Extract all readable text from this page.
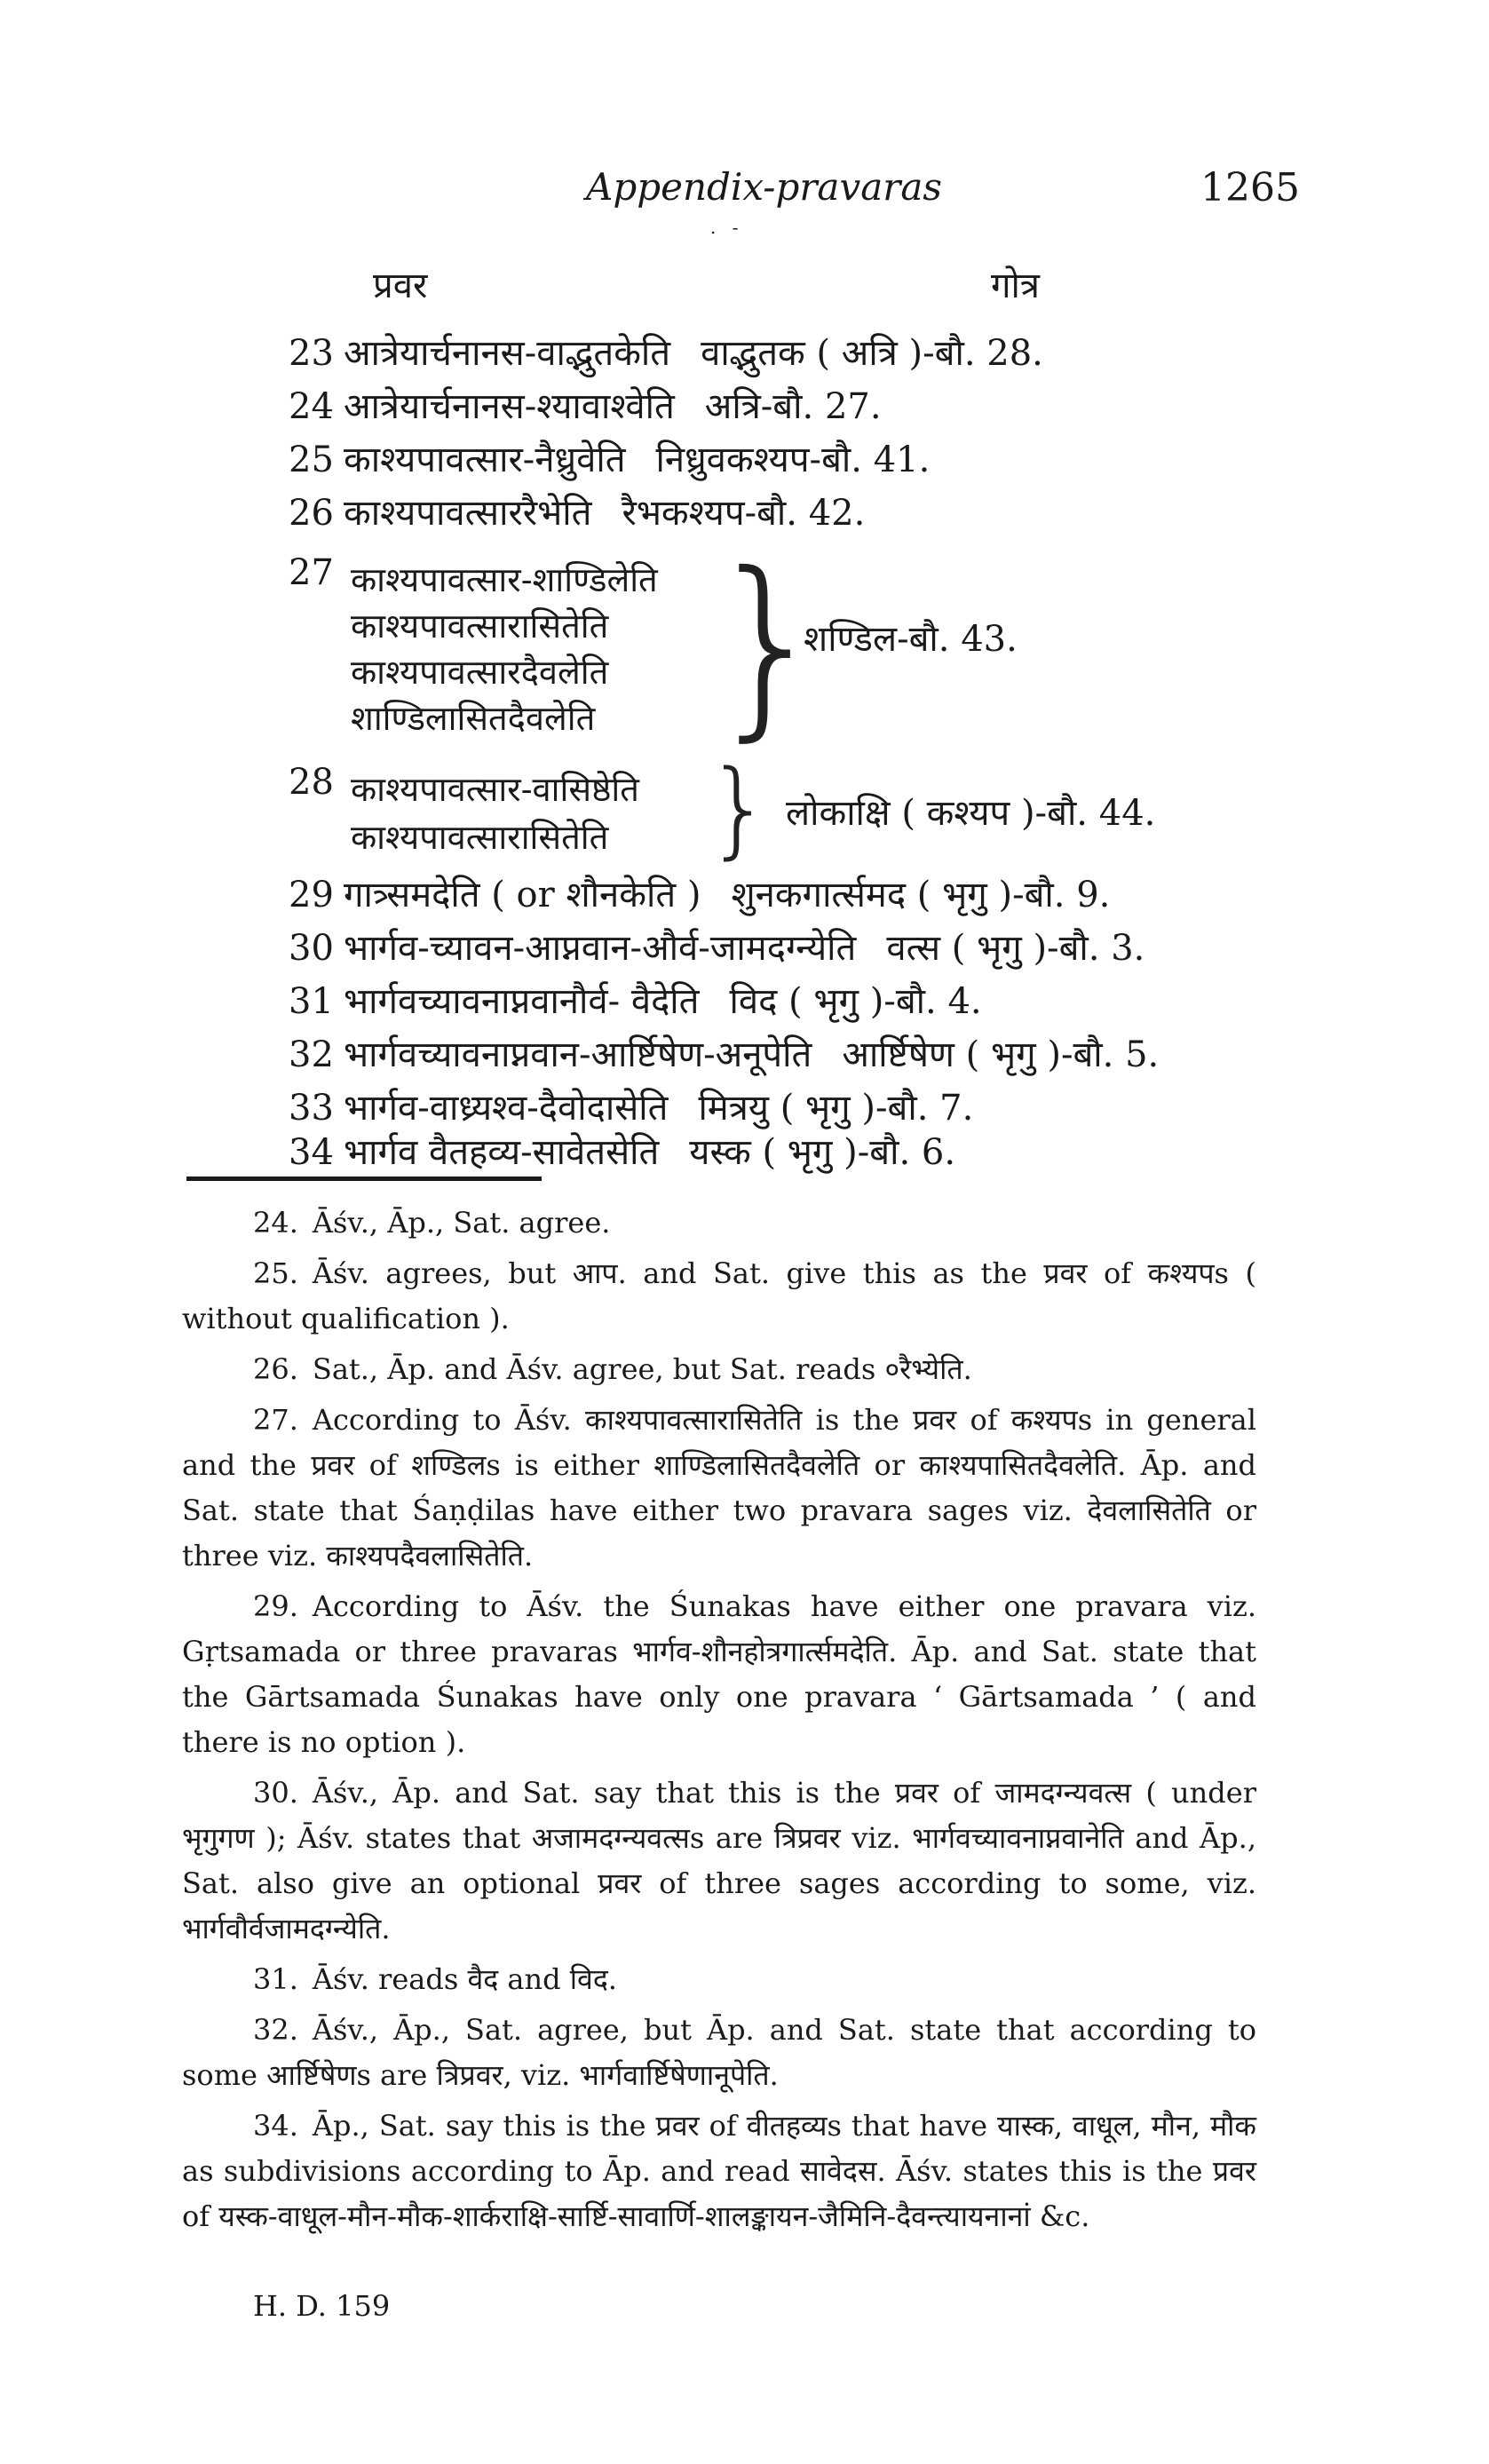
Appendix-pravaras	1265
. -
प्रवर	गोत्र
23 आत्रेयार्चनानस-वाद्भुतकेति वाद्भुतक ( अत्रि )-बौ. 28.
24 आत्रेयार्चनानस-श्यावाश्वेति अत्रि-बौ. 27.
25 काश्यपावत्सार-नैध्रुवेति निध्रुवकश्यप-बौ. 41.
26 काश्यपावत्साररैभेति रैभकश्यप-बौ. 42.
27 काश्यपावत्सार-शाण्डिलेति
काश्यपावत्सारासितेति
काश्यपावत्सारदैवलेति
शाण्डिलासितदैवलेति }
शण्डिल-बौ. 43.
28 काश्यपावत्सार-वासिष्ठेति
काश्यपावत्सारासितेति } लोकाक्षि ( कश्यप )-बौ. 44.
29 गात्र्समदेति ( or शौनकेति ) शुनकगार्त्समद ( भृगु )-बौ. 9.
30 भार्गव-च्यावन-आप्नवान-और्व-जामदग्न्येति वत्स ( भृगु )-बौ. 3.
31 भार्गवच्यावनाप्नवानौर्व- वैदेति विद ( भृगु )-बौ. 4.
32 भार्गवच्यावनाप्नवान-आर्ष्टिषेण-अनूपेति आर्ष्टिषेण ( भृगु )-बौ. 5.
33 भार्गव-वाध्र्यश्व-दैवोदासेति मित्रयु ( भृगु )-बौ. 7.
34 भार्गव वैतहव्य-सावेतसेति यस्क ( भृगु )-बौ. 6.

24. Āśv., Āp., Sat. agree.

25. Āśv. agrees, but आप. and Sat. give this as the प्रवर of कश्यपs ( without qualification ).

26. Sat., Āp. and Āśv. agree, but Sat. reads ०रैभ्येति.

27. According to Āśv. काश्यपावत्सारासितेति is the प्रवर of कश्यपs in general and the प्रवर of शण्डिलs is either शाण्डिलासितदैवलेति or काश्यपासितदैवलेति. Āp. and Sat. state that Śaṇḍilas have either two pravara sages viz. देवलासितेति or three viz. काश्यपदैवलासितेति.

29. According to Āśv. the Śunakas have either one pravara viz. Gṛtsamada or three pravaras भार्गव-शौनहोत्रगार्त्समदेति. Āp. and Sat. state that the Gārtsamada Śunakas have only one pravara ‘ Gārtsamada ’ ( and there is no option ).

30. Āśv., Āp. and Sat. say that this is the प्रवर of जामदग्न्यवत्स ( under भृगुगण ); Āśv. states that अजामदग्न्यवत्सs are त्रिप्रवर viz. भार्गवच्यावनाप्नवानेति and Āp., Sat. also give an optional प्रवर of three sages according to some, viz. भार्गवौर्वजामदग्न्येति.

31. Āśv. reads वैद and विद.

32. Āśv., Āp., Sat. agree, but Āp. and Sat. state that according to some आर्ष्टिषेणs are त्रिप्रवर, viz. भार्गवार्ष्टिषेणानूपेति.

34. Āp., Sat. say this is the प्रवर of वीतहव्यs that have यास्क, वाधूल, मौन, मौक as subdivisions according to Āp. and read सावेदस. Āśv. states this is the प्रवर of यस्क-वाधूल-मौन-मौक-शार्कराक्षि-सार्ष्टि-सावार्णि-शालङ्कायन-जैमिनि-दैवन्त्यायनानां &c.

H. D. 159
